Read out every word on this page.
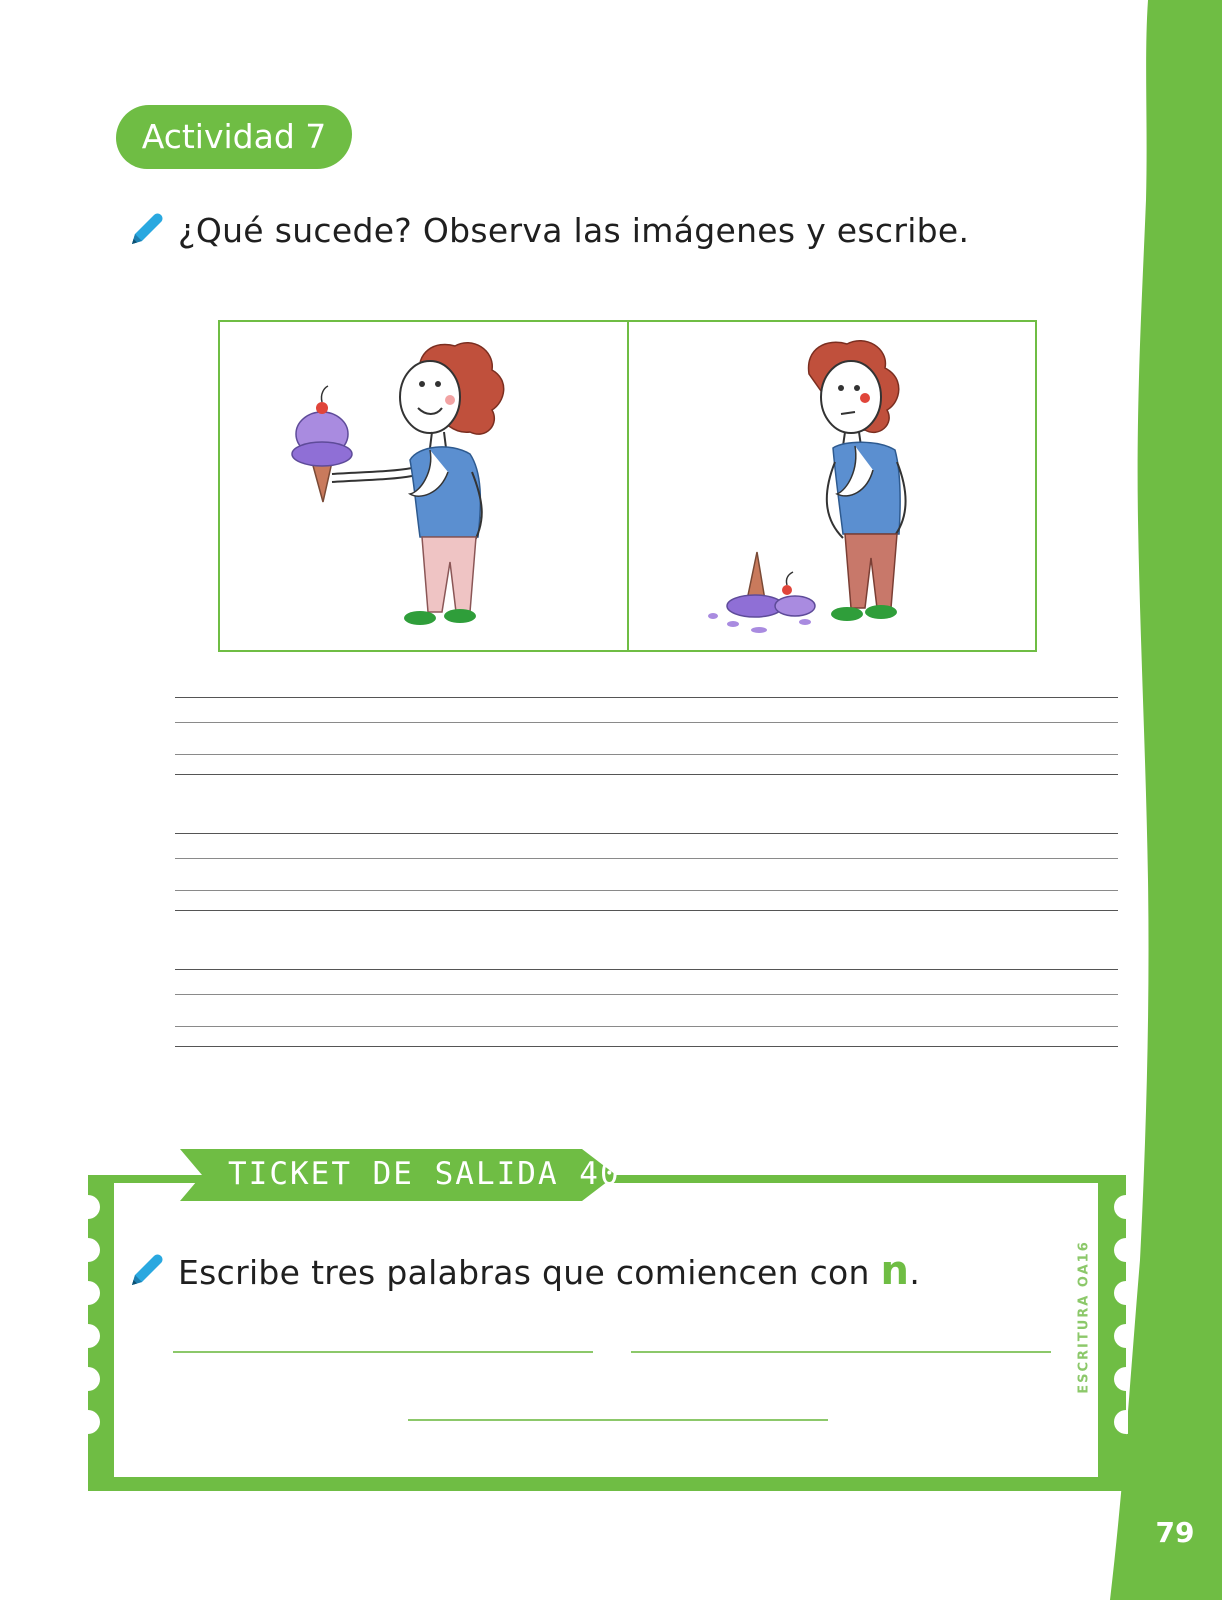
79
Actividad 7
¿Qué sucede? Observa las imágenes y escribe.
TICKET DE SALIDA 40
Escribe tres palabras que comiencen con n.	ESCRITURA OA16
